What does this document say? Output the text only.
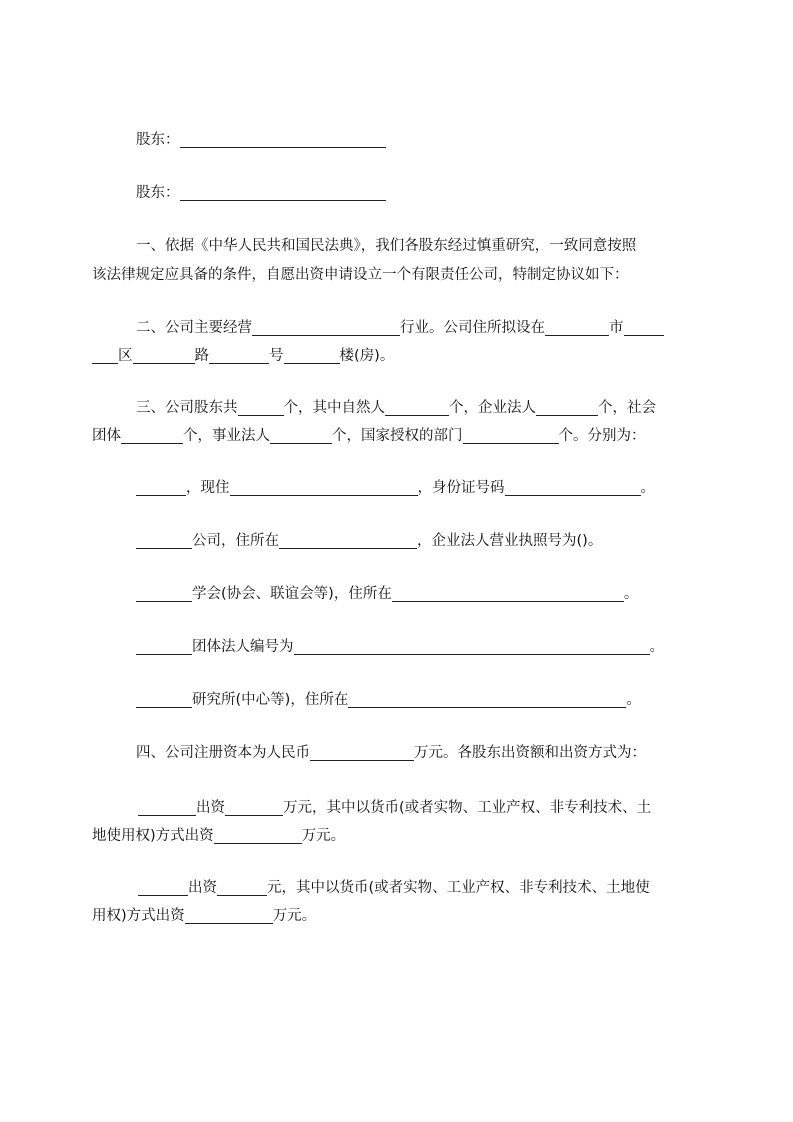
股东：
股东：
一、依据《中华人民共和国民法典》，我们各股东经过慎重研究，一致同意按照
该法律规定应具备的条件，自愿出资申请设立一个有限责任公司，特制定协议如下：
二、公司主要经营	行业。公司住所拟设在	市
区	路	号	楼(房)。
三、公司股东共	个，其中自然人	个，企业法人	个，社会
团体	个，事业法人	个，国家授权的部门	个。分别为：
，现住	，身份证号码	。
公司，住所在	，企业法人营业执照号为()。
学会(协会、联谊会等)，住所在	。
团体法人编号为	。
研究所(中心等)，住所在	。
四、公司注册资本为人民币	万元。各股东出资额和出资方式为：
出资	万元，其中以货币(或者实物、工业产权、非专利技术、土
地使用权)方式出资	万元。
出资	元，其中以货币(或者实物、工业产权、非专利技术、土地使
用权)方式出资	万元。
